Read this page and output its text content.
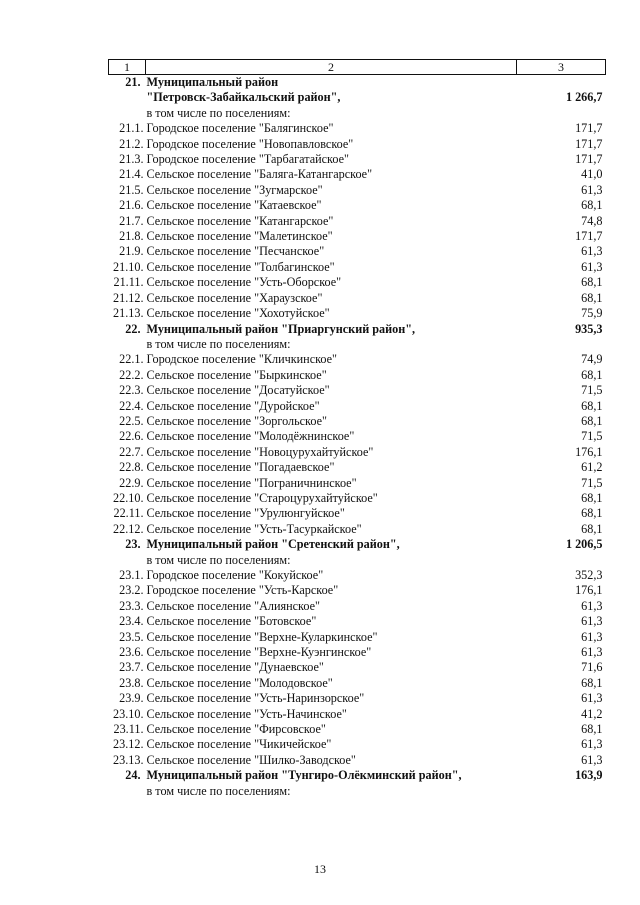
1	2	3
21.	Муниципальный район	
	"Петровск-Забайкальский район",	1 266,7
	в том числе по поселениям:	
21.1.	Городское поселение "Балягинское"	171,7
21.2.	Городское поселение "Новопавловское"	171,7
21.3.	Городское поселение "Тарбагатайское"	171,7
21.4.	Сельское поселение "Баляга-Катангарское"	41,0
21.5.	Сельское поселение "Зугмарское"	61,3
21.6.	Сельское поселение "Катаевское"	68,1
21.7.	Сельское поселение "Катангарское"	74,8
21.8.	Сельское поселение "Малетинское"	171,7
21.9.	Сельское поселение "Песчанское"	61,3
21.10.	Сельское поселение "Толбагинское"	61,3
21.11.	Сельское поселение "Усть-Оборское"	68,1
21.12.	Сельское поселение "Хараузское"	68,1
21.13.	Сельское поселение "Хохотуйское"	75,9
22.	Муниципальный район "Приаргунский район",	935,3
	в том числе по поселениям:	
22.1.	Городское поселение "Кличкинское"	74,9
22.2.	Сельское поселение "Быркинское"	68,1
22.3.	Сельское поселение "Досатуйское"	71,5
22.4.	Сельское поселение "Дуройское"	68,1
22.5.	Сельское поселение "Зоргольское"	68,1
22.6.	Сельское поселение "Молодёжнинское"	71,5
22.7.	Сельское поселение "Новоцурухайтуйское"	176,1
22.8.	Сельское поселение "Погадаевское"	61,2
22.9.	Сельское поселение "Пограничнинское"	71,5
22.10.	Сельское поселение "Староцурухайтуйское"	68,1
22.11.	Сельское поселение "Урулюнгуйское"	68,1
22.12.	Сельское поселение "Усть-Тасуркайское"	68,1
23.	Муниципальный район "Сретенский район",	1 206,5
	в том числе по поселениям:	
23.1.	Городское поселение "Кокуйское"	352,3
23.2.	Городское поселение "Усть-Карское"	176,1
23.3.	Сельское поселение "Алиянское"	61,3
23.4.	Сельское поселение "Ботовское"	61,3
23.5.	Сельское поселение "Верхне-Куларкинское"	61,3
23.6.	Сельское поселение "Верхне-Куэнгинское"	61,3
23.7.	Сельское поселение "Дунаевское"	71,6
23.8.	Сельское поселение "Молодовское"	68,1
23.9.	Сельское поселение "Усть-Наринзорское"	61,3
23.10.	Сельское поселение "Усть-Начинское"	41,2
23.11.	Сельское поселение "Фирсовское"	68,1
23.12.	Сельское поселение "Чикичейское"	61,3
23.13.	Сельское поселение "Шилко-Заводское"	61,3
24.	Муниципальный район "Тунгиро-Олёкминский район",	163,9
	в том числе по поселениям:	
13
